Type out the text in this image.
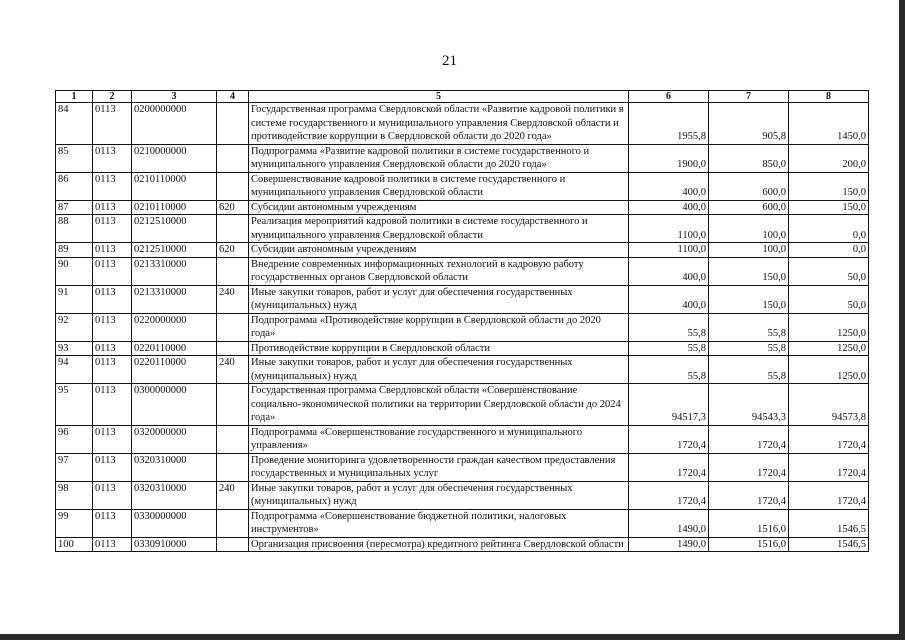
21
1	2	3	4	5	6	7	8
84	0113	0200000000		Государственная программа Свердловской области «Развитие кадровой политики в системе государственного и муниципального управления Свердловской области и противодействие коррупции в Свердловской области до 2020 года»	1955,8	905,8	1450,0
85	0113	0210000000		Подпрограмма «Развитие кадровой политики в системе государственного и муниципального управления Свердловской области до 2020 года»	1900,0	850,0	200,0
86	0113	0210110000		Совершенствование кадровой политики в системе государственного и муниципального управления Свердловской области	400,0	600,0	150,0
87	0113	0210110000	620	Субсидии автономным учреждениям	400,0	600,0	150,0
88	0113	0212510000		Реализация мероприятий кадровой политики в системе государственного и муниципального управления Свердловской области	1100,0	100,0	0,0
89	0113	0212510000	620	Субсидии автономным учреждениям	1100,0	100,0	0,0
90	0113	0213310000		Внедрение современных информационных технологий в кадровую работу государственных органов Свердловской области	400,0	150,0	50,0
91	0113	0213310000	240	Иные закупки товаров, работ и услуг для обеспечения государственных (муниципальных) нужд	400,0	150,0	50,0
92	0113	0220000000		Подпрограмма «Противодействие коррупции в Свердловской области до 2020 года»	55,8	55,8	1250,0
93	0113	0220110000		Противодействие коррупции в Свердловской области	55,8	55,8	1250,0
94	0113	0220110000	240	Иные закупки товаров, работ и услуг для обеспечения государственных (муниципальных) нужд	55,8	55,8	1250,0
95	0113	0300000000		Государственная программа Свердловской области «Совершенствование социально-экономической политики на территории Свердловской области до 2024 года»	94517,3	94543,3	94573,8
96	0113	0320000000		Подпрограмма «Совершенствование государственного и муниципального управления»	1720,4	1720,4	1720,4
97	0113	0320310000		Проведение мониторинга удовлетворенности граждан качеством предоставления государственных и муниципальных услуг	1720,4	1720,4	1720,4
98	0113	0320310000	240	Иные закупки товаров, работ и услуг для обеспечения государственных (муниципальных) нужд	1720,4	1720,4	1720,4
99	0113	0330000000		Подпрограмма «Совершенствование бюджетной политики, налоговых инструментов»	1490,0	1516,0	1546,5
100	0113	0330910000		Организация присвоения (пересмотра) кредитного рейтинга Свердловской области	1490,0	1516,0	1546,5
